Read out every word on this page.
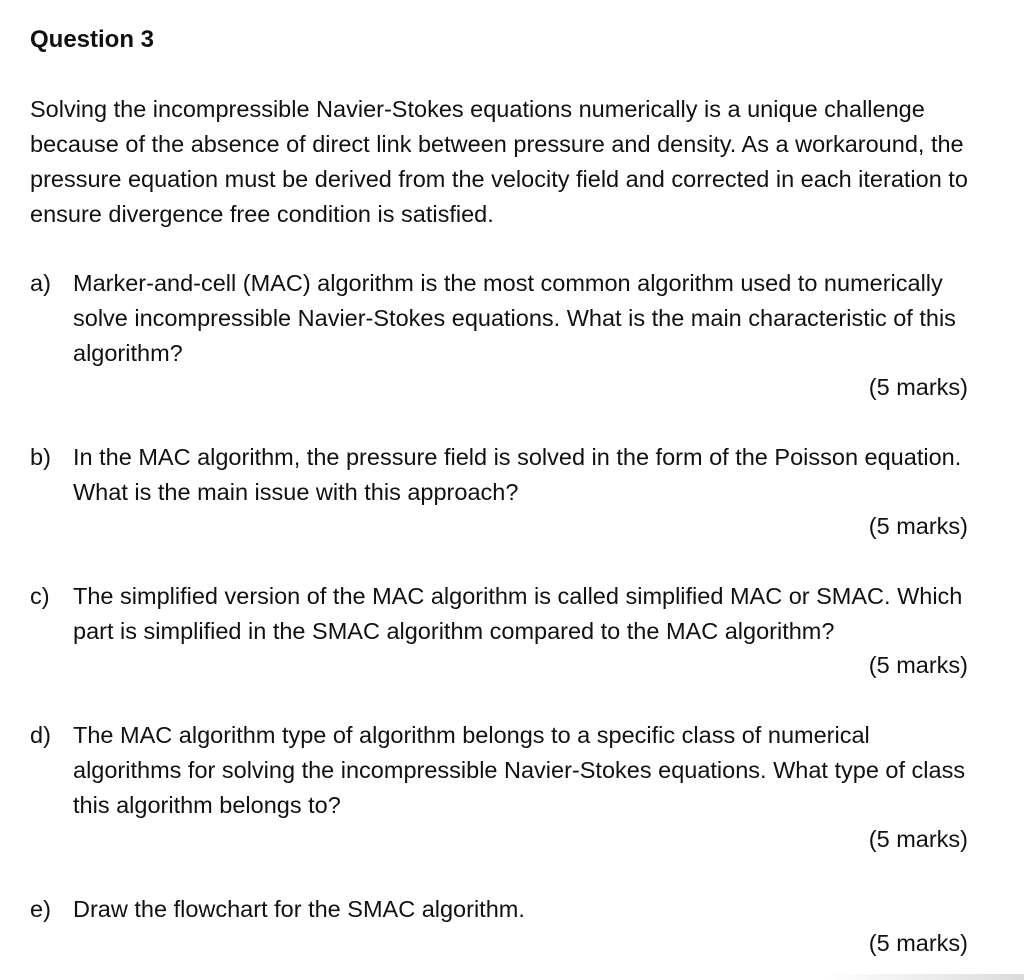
Question 3

Solving the incompressible Navier-Stokes equations numerically is a unique challenge because of the absence of direct link between pressure and density. As a workaround, the pressure equation must be derived from the velocity field and corrected in each iteration to ensure divergence free condition is satisfied.

a) Marker-and-cell (MAC) algorithm is the most common algorithm used to numerically solve incompressible Navier-Stokes equations. What is the main characteristic of this algorithm?
(5 marks)
b) In the MAC algorithm, the pressure field is solved in the form of the Poisson equation. What is the main issue with this approach?
(5 marks)
c) The simplified version of the MAC algorithm is called simplified MAC or SMAC. Which part is simplified in the SMAC algorithm compared to the MAC algorithm?
(5 marks)
d) The MAC algorithm type of algorithm belongs to a specific class of numerical algorithms for solving the incompressible Navier-Stokes equations. What type of class this algorithm belongs to?
(5 marks)
e) Draw the flowchart for the SMAC algorithm.
(5 marks)
